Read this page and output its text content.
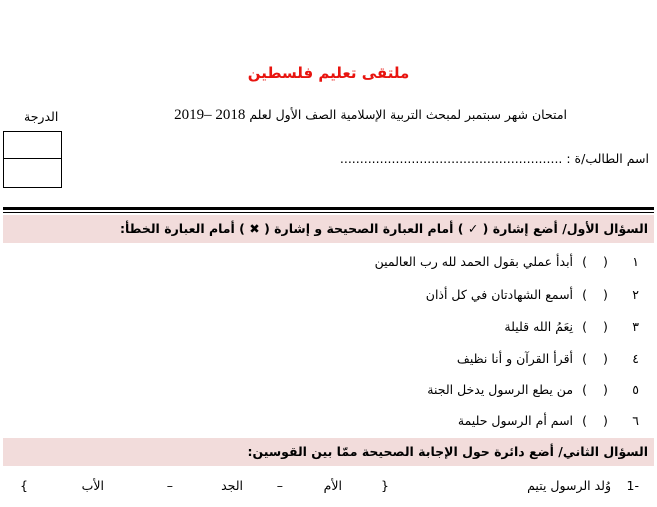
ملتقى تعليم فلسطين
امتحان شهر سبتمبر لمبحث التربية الإسلامية الصف الأول لعلم 2018 –2019
الدرجة
اسم الطالب/ة : ........................................................
السؤال الأول/ أضع إشارة ( ✓ ) أمام العبارة الصحيحة و إشارة ( ✖ ) أمام العبارة الخطأ:
١ (    ) أبدأ عملي بقول الحمد لله رب العالمين
٢ (    ) أسمع الشهادتان في كل أذان
٣ (    ) نِعَمُ الله قليلة
٤ (    ) أقرأ القرآن و أنا نظيف
٥ (    ) من يطع الرسول يدخل الجنة
٦ (    ) اسم أم الرسول حليمة
السؤال الثاني/ أضع دائرة حول الإجابة الصحيحة ممّا بين القوسين:
-1
وُلد الرسول يتيم
{
الأم
–
الجد
–
الأب
}
